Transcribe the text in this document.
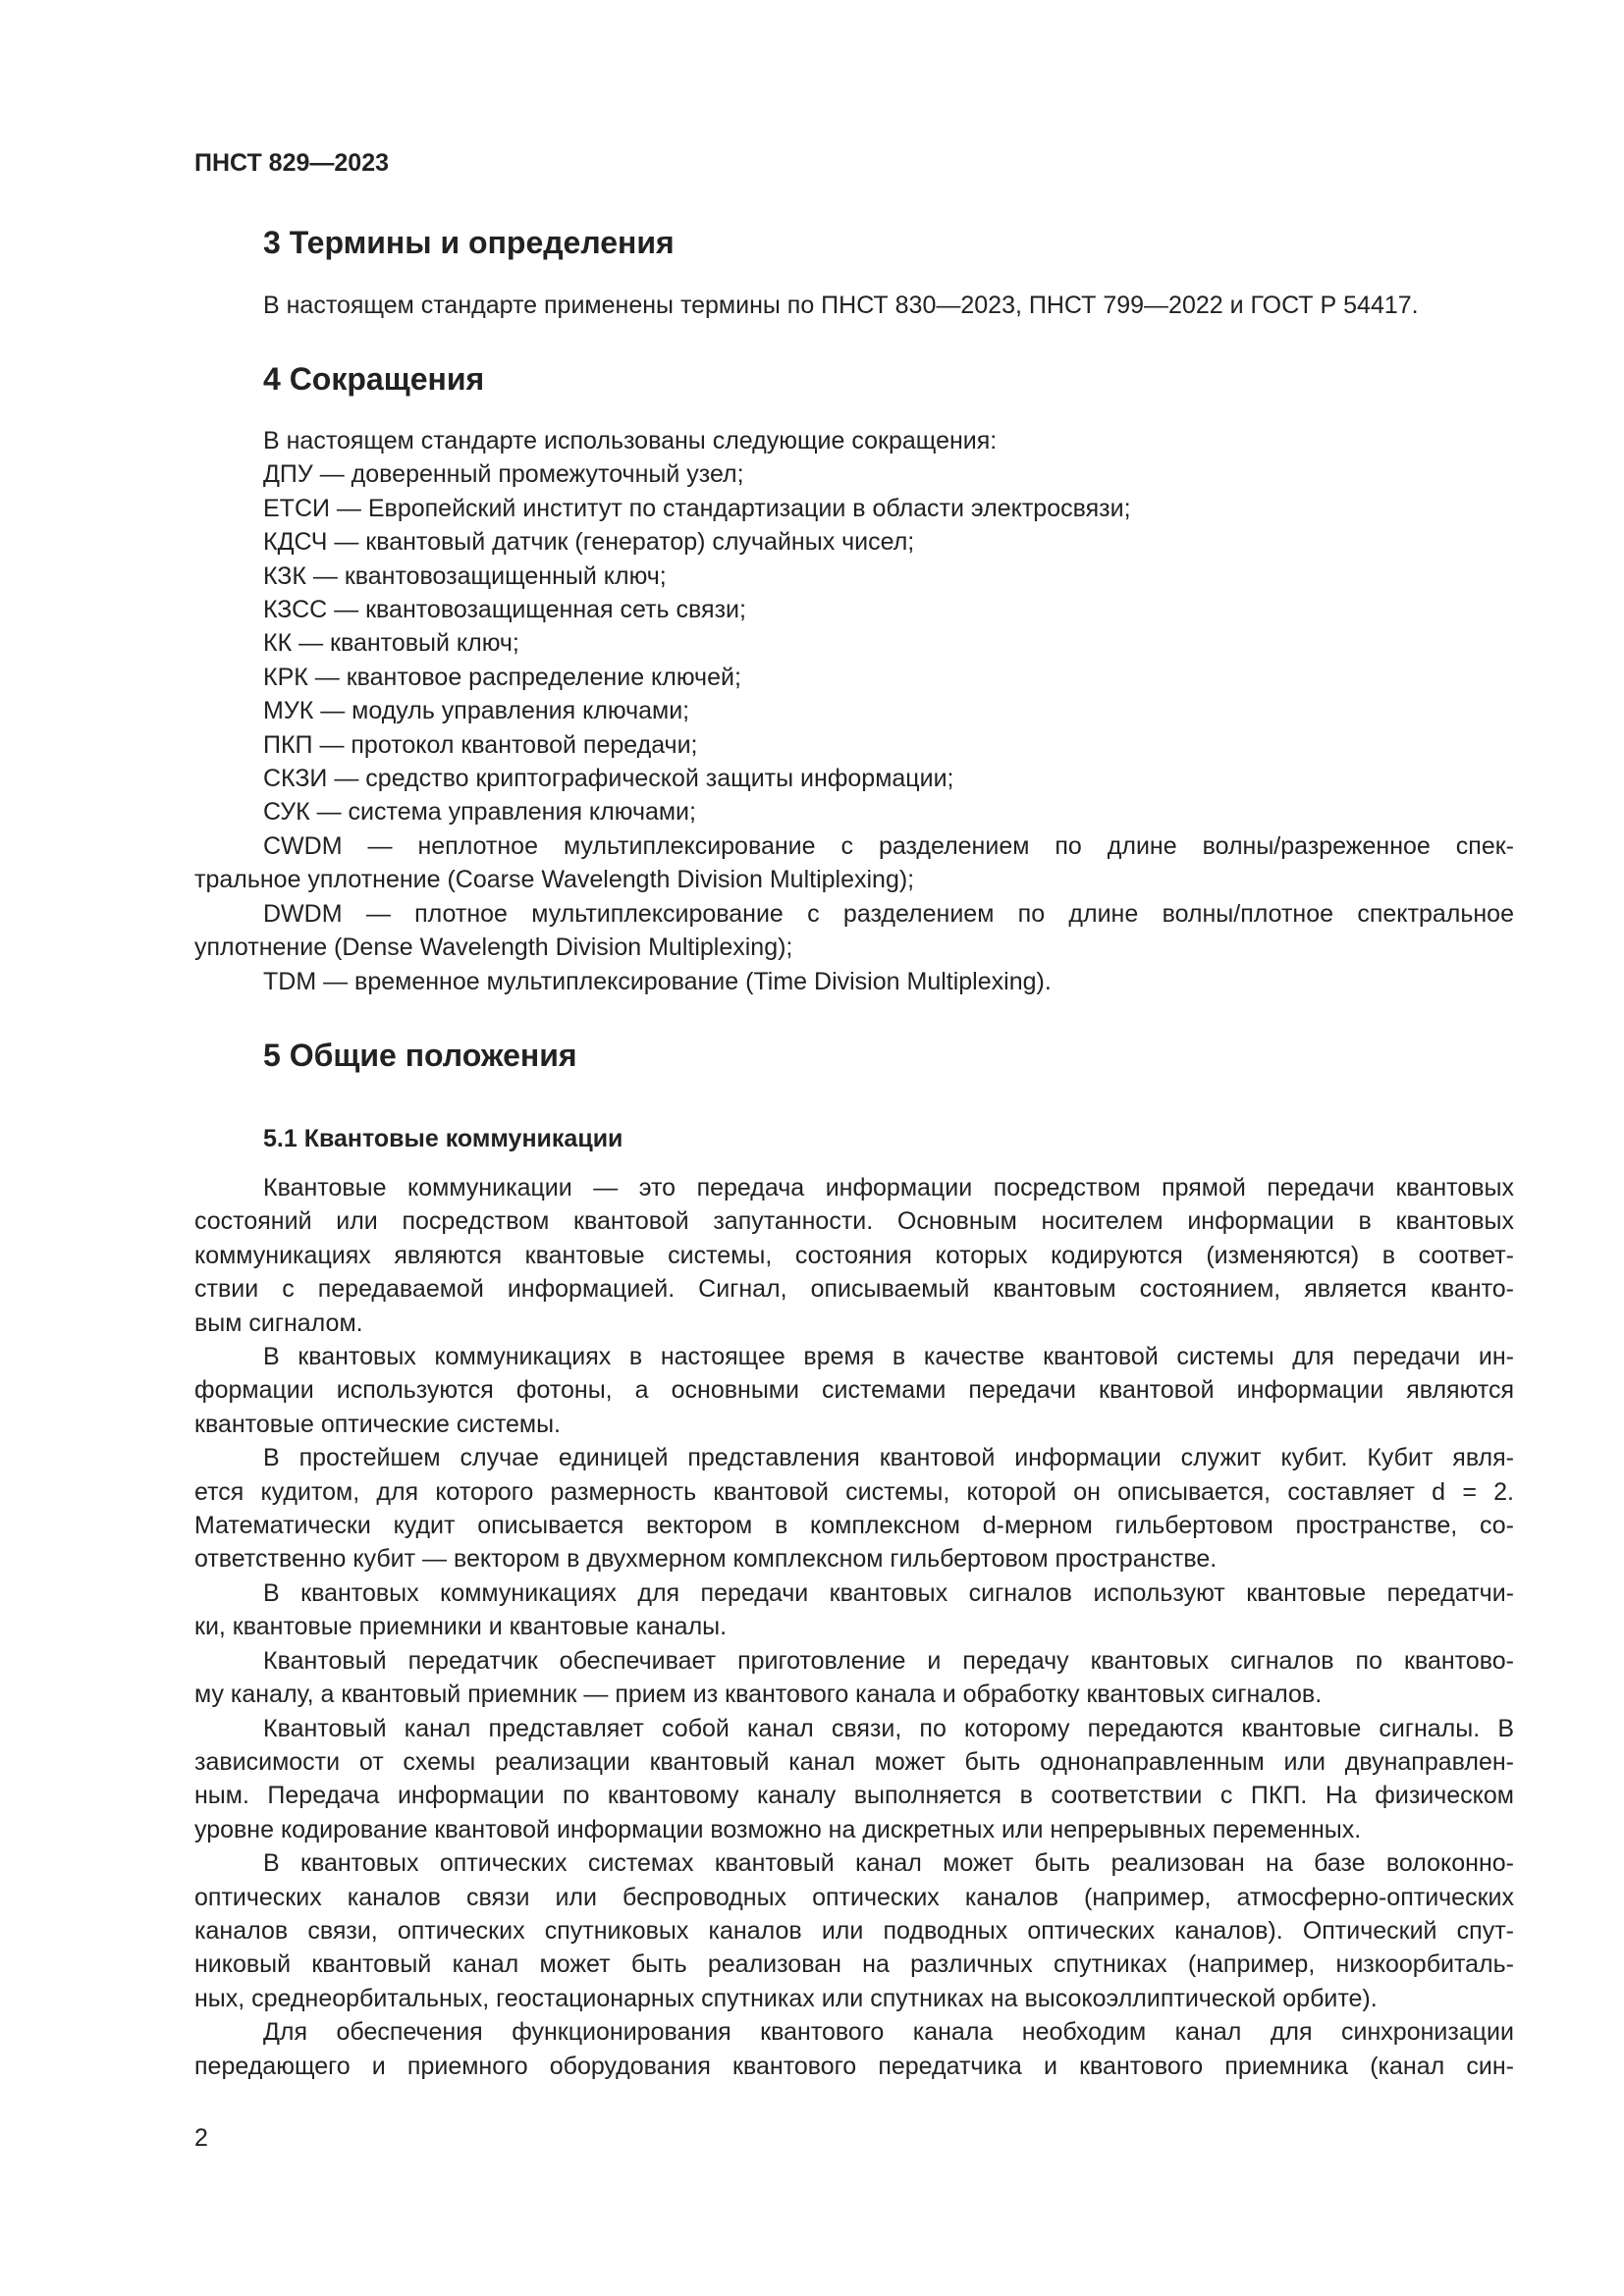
ПНСТ 829—2023
3 Термины и определения
В настоящем стандарте применены термины по ПНСТ 830—2023, ПНСТ 799—2022 и ГОСТ Р 54417.
4 Сокращения
В настоящем стандарте использованы следующие сокращения:
ДПУ — доверенный промежуточный узел;
ЕТСИ — Европейский институт по стандартизации в области электросвязи;
КДСЧ — квантовый датчик (генератор) случайных чисел;
КЗК — квантовозащищенный ключ;
КЗСС — квантовозащищенная сеть связи;
КК — квантовый ключ;
КРК — квантовое распределение ключей;
МУК — модуль управления ключами;
ПКП — протокол квантовой передачи;
СКЗИ — средство криптографической защиты информации;
СУК — система управления ключами;
CWDM — неплотное мультиплексирование с разделением по длине волны/разреженное спек-
тральное уплотнение (Coarse Wavelength Division Multiplexing);
DWDM — плотное мультиплексирование с разделением по длине волны/плотное спектральное
уплотнение (Dense Wavelength Division Multiplexing);
TDM — временное мультиплексирование (Time Division Multiplexing).
5 Общие положения
5.1 Квантовые коммуникации
Квантовые коммуникации — это передача информации посредством прямой передачи квантовых
состояний или посредством квантовой запутанности. Основным носителем информации в квантовых
коммуникациях являются квантовые системы, состояния которых кодируются (изменяются) в соответ-
ствии с передаваемой информацией. Сигнал, описываемый квантовым состоянием, является кванто-
вым сигналом.
В квантовых коммуникациях в настоящее время в качестве квантовой системы для передачи ин-
формации используются фотоны, а основными системами передачи квантовой информации являются
квантовые оптические системы.
В простейшем случае единицей представления квантовой информации служит кубит. Кубит явля-
ется кудитом, для которого размерность квантовой системы, которой он описывается, составляет d = 2.
Математически кудит описывается вектором в комплексном d-мерном гильбертовом пространстве, со-
ответственно кубит — вектором в двухмерном комплексном гильбертовом пространстве.
В квантовых коммуникациях для передачи квантовых сигналов используют квантовые передатчи-
ки, квантовые приемники и квантовые каналы.
Квантовый передатчик обеспечивает приготовление и передачу квантовых сигналов по квантово-
му каналу, а квантовый приемник — прием из квантового канала и обработку квантовых сигналов.
Квантовый канал представляет собой канал связи, по которому передаются квантовые сигналы. В
зависимости от схемы реализации квантовый канал может быть однонаправленным или двунаправлен-
ным. Передача информации по квантовому каналу выполняется в соответствии с ПКП. На физическом
уровне кодирование квантовой информации возможно на дискретных или непрерывных переменных.
В квантовых оптических системах квантовый канал может быть реализован на базе волоконно-
оптических каналов связи или беспроводных оптических каналов (например, атмосферно-оптических
каналов связи, оптических спутниковых каналов или подводных оптических каналов). Оптический спут-
никовый квантовый канал может быть реализован на различных спутниках (например, низкоорбиталь-
ных, среднеорбитальных, геостационарных спутниках или спутниках на высокоэллиптической орбите).
Для обеспечения функционирования квантового канала необходим канал для синхронизации
передающего и приемного оборудования квантового передатчика и квантового приемника (канал син-
2
